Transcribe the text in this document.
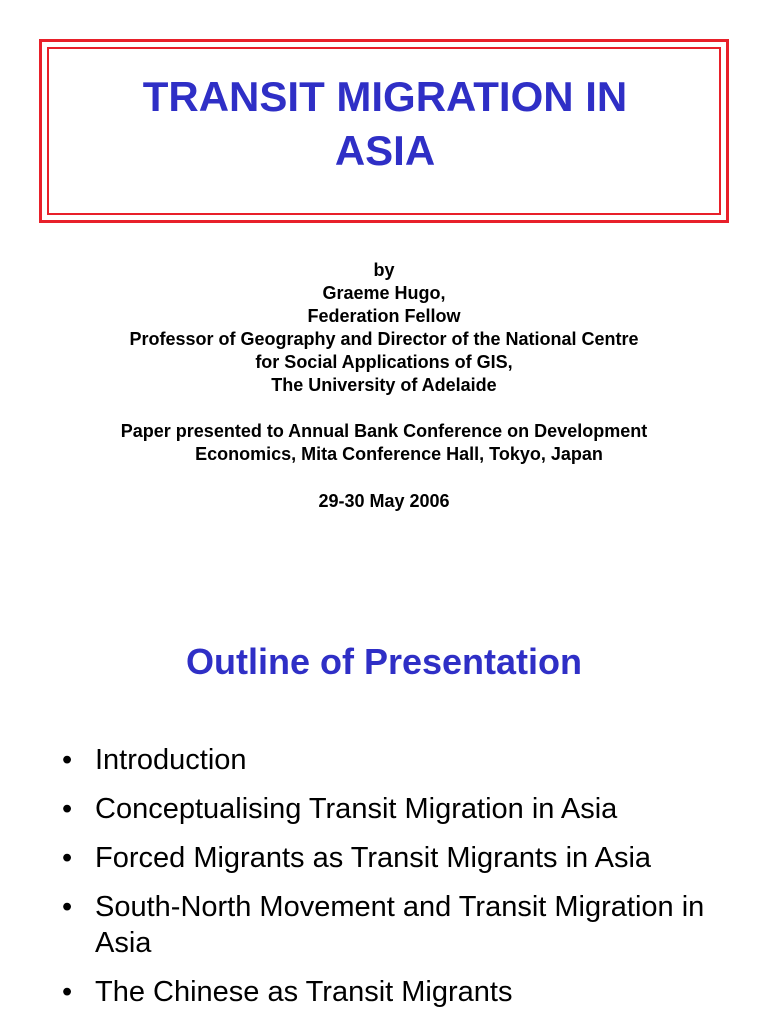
TRANSIT MIGRATION IN
ASIA
by
Graeme Hugo,
Federation Fellow
Professor of Geography and Director of the National Centre
for Social Applications of GIS,
The University of Adelaide
Paper presented to Annual Bank Conference on Development
Economics, Mita Conference Hall, Tokyo, Japan
29-30 May 2006
Outline of Presentation
• Introduction
• Conceptualising Transit Migration in Asia
• Forced Migrants as Transit Migrants in Asia
• South-North Movement and Transit Migration in Asia
• The Chinese as Transit Migrants
